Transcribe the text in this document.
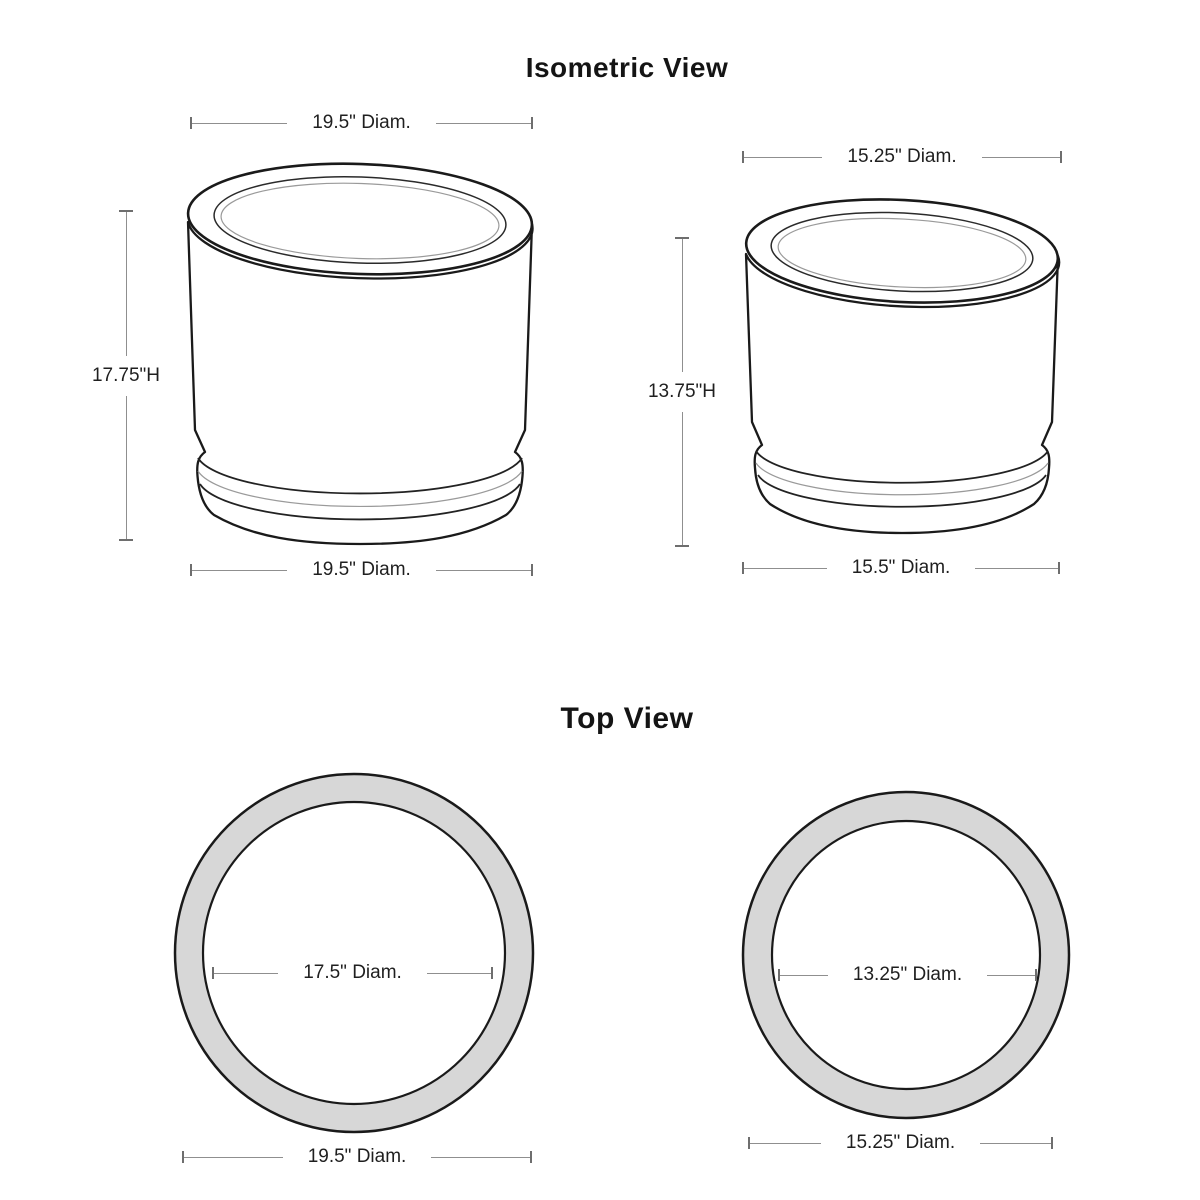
Isometric View
Top View
19.5" Diam.
15.25" Diam.
17.75"H
13.75"H
19.5" Diam.	15.5" Diam.
17.5" Diam.	13.25" Diam.
19.5" Diam.
15.25" Diam.
